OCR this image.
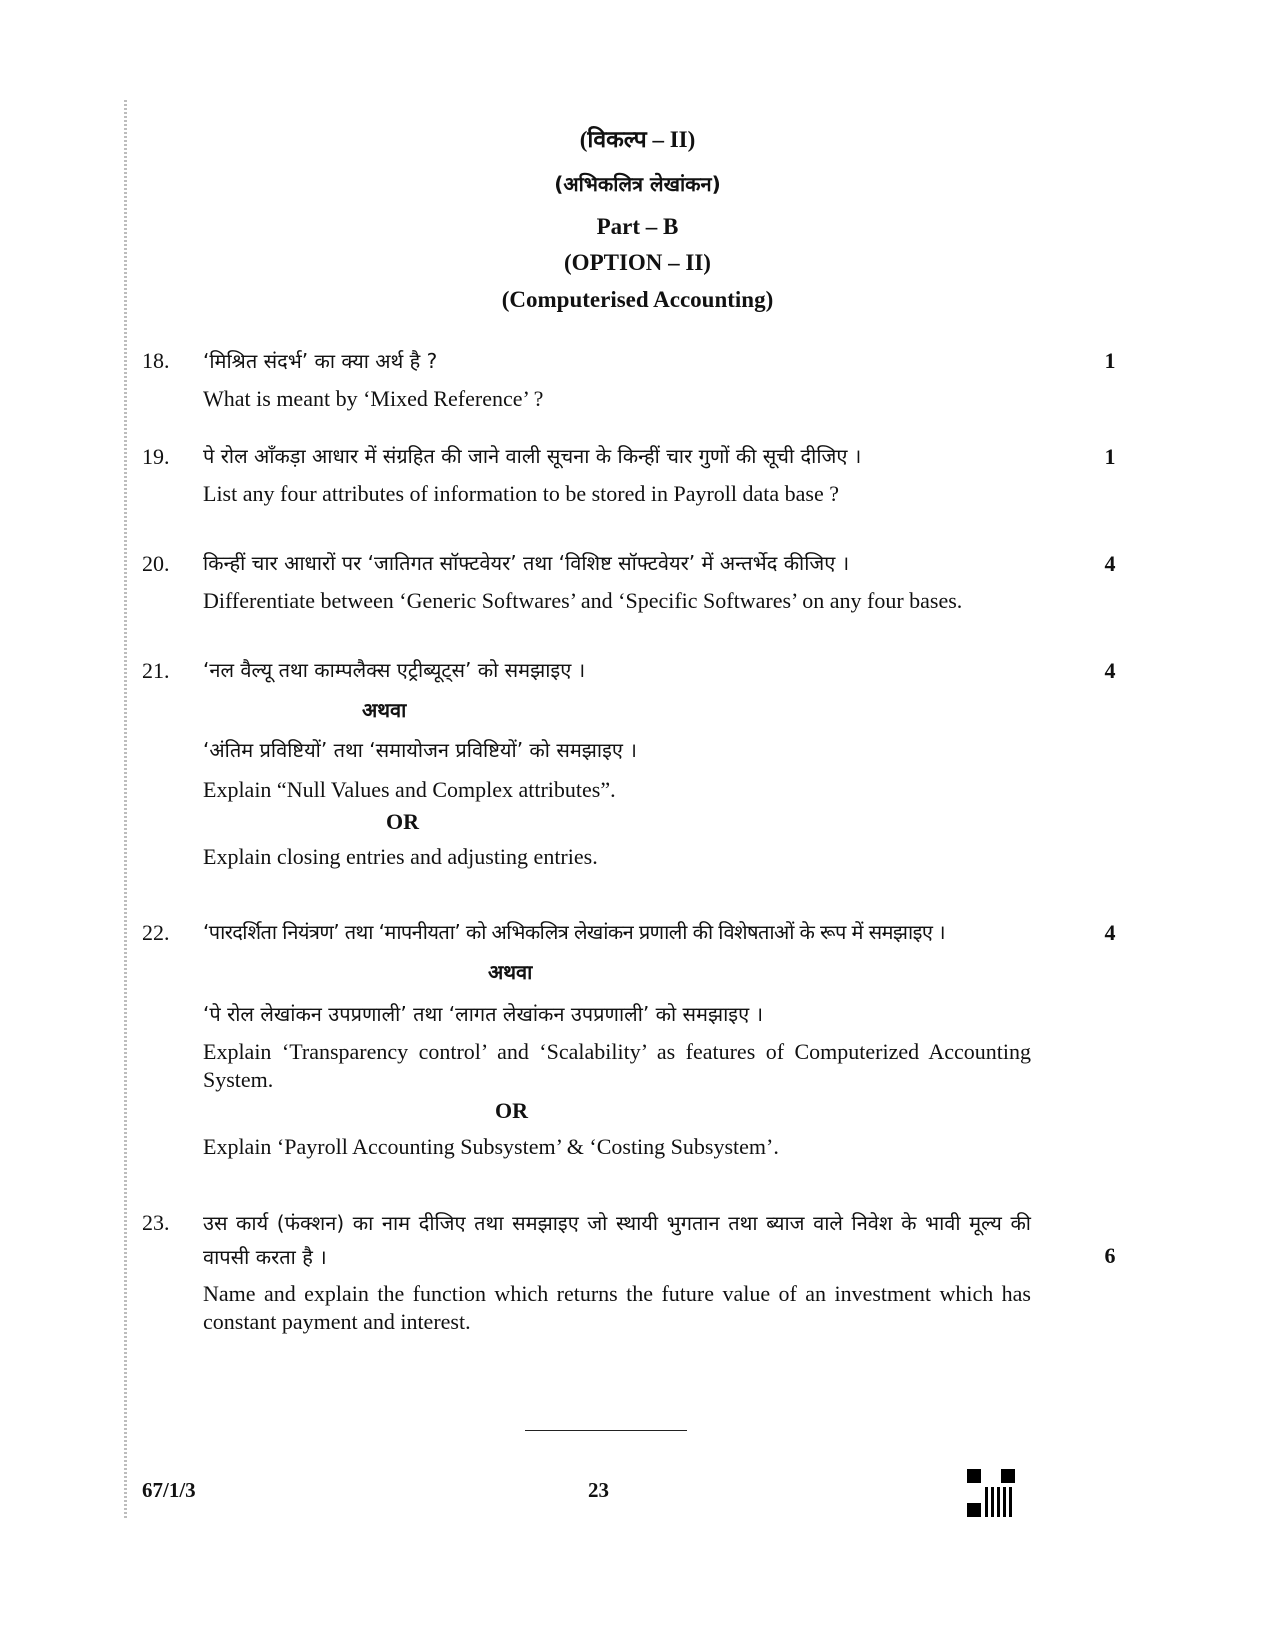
(विकल्प – II)
(अभिकलित्र लेखांकन)
Part – B
(OPTION – II)
(Computerised Accounting)
18. ‘मिश्रित संदर्भ’ का क्या अर्थ है ?	1
What is meant by ‘Mixed Reference’ ?
19. पे रोल आँकड़ा आधार में संग्रहित की जाने वाली सूचना के किन्हीं चार गुणों की सूची दीजिए ।	1
List any four attributes of information to be stored in Payroll data base ?
20. किन्हीं चार आधारों पर ‘जातिगत सॉफ्टवेयर’ तथा ‘विशिष्ट सॉफ्टवेयर’ में अन्तर्भेद कीजिए ।	4
Differentiate between ‘Generic Softwares’ and ‘Specific Softwares’ on any four bases.
21. ‘नल वैल्यू तथा काम्पलैक्स एट्रीब्यूट्स’ को समझाइए ।	4
अथवा
‘अंतिम प्रविष्टियों’ तथा ‘समायोजन प्रविष्टियों’ को समझाइए ।
Explain “Null Values and Complex attributes”.
OR
Explain closing entries and adjusting entries.
22. ‘पारदर्शिता नियंत्रण’ तथा ‘मापनीयता’ को अभिकलित्र लेखांकन प्रणाली की विशेषताओं के रूप में समझाइए ।	4
अथवा
‘पे रोल लेखांकन उपप्रणाली’ तथा ‘लागत लेखांकन उपप्रणाली’ को समझाइए ।
Explain ‘Transparency control’ and ‘Scalability’ as features of Computerized Accounting System.
OR
Explain ‘Payroll Accounting Subsystem’ & ‘Costing Subsystem’.
23. उस कार्य (फंक्शन) का नाम दीजिए तथा समझाइए जो स्थायी भुगतान तथा ब्याज वाले निवेश के भावी मूल्य की वापसी करता है ।	6
Name and explain the function which returns the future value of an investment which has constant payment and interest.
67/1/3	23
